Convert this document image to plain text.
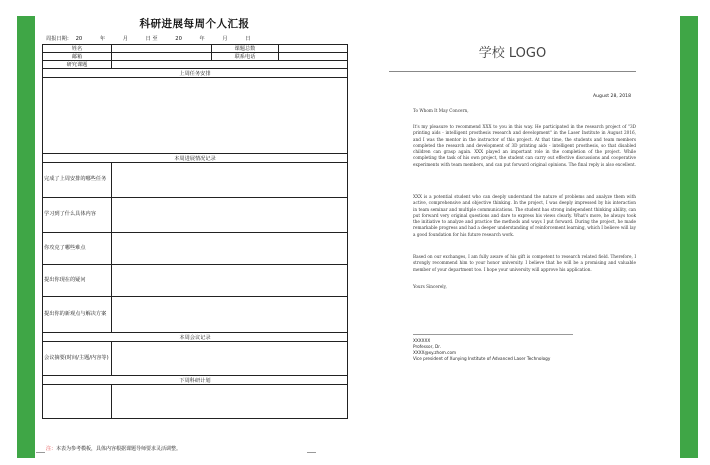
科研进展每周个人汇报
周报日期： 20	年	月	日 至	20	年	月	日
姓名		课题总数	
邮箱		联系电话	
研究课题			
上周任务安排			

本周进展情况记录			
完成了上周安排的哪些任务			
学习到了什么具体内容			
你攻克了哪些难点			
提出你现在的疑问			
提出你的新观点与解决方案			
本周会议记录			
会议摘要(时间/主题/内容等)			
下周科研计划			

注：本表为参考模板，具体内容根据课题导师要求灵活调整。
学校 LOGO
August 28, 2018

To Whom It May Concern,

It's my pleasure to recommend XXX to you in this way. He participated in the research project of "3D printing aids - intelligent prosthesis research and development" in the Laser Institute in August 2016, and I was the mentor in the instructor of this project. At that time, the students and team members completed the research and development of 3D printing aids - intelligent prosthesis, so that disabled children can grasp again. XXX played an important role in the completion of the project. While completing the task of his own project, the student can carry out effective discussions and cooperative experiments with team members, and can put forward original opinions. The final reply is also excellent.

XXX is a potential student who can deeply understand the nature of problems and analyze them with active, comprehensive and objective thinking. In the project, I was deeply impressed by his interaction in team seminar and multiple communications. The student has strong independent thinking ability, can put forward very original questions and dare to express his views clearly. What's more, he always took the initiative to analyze and practice the methods and ways I put forward. During the project, he made remarkable progress and had a deeper understanding of reinforcement learning, which I believe will lay a good foundation for his future research work.

Based on our exchanges, I am fully aware of his gift is competent to research related field. Therefore, I strongly recommend him to your honor university. I believe that he will be a promising and valuable member of your department too. I hope your university will approve his application.

Yours Sincerely,

XXXXXX

Professor, Dr.

XXXX@xy.zhom.com

Vice president of Xunying Institute of Advanced Laser Technology
